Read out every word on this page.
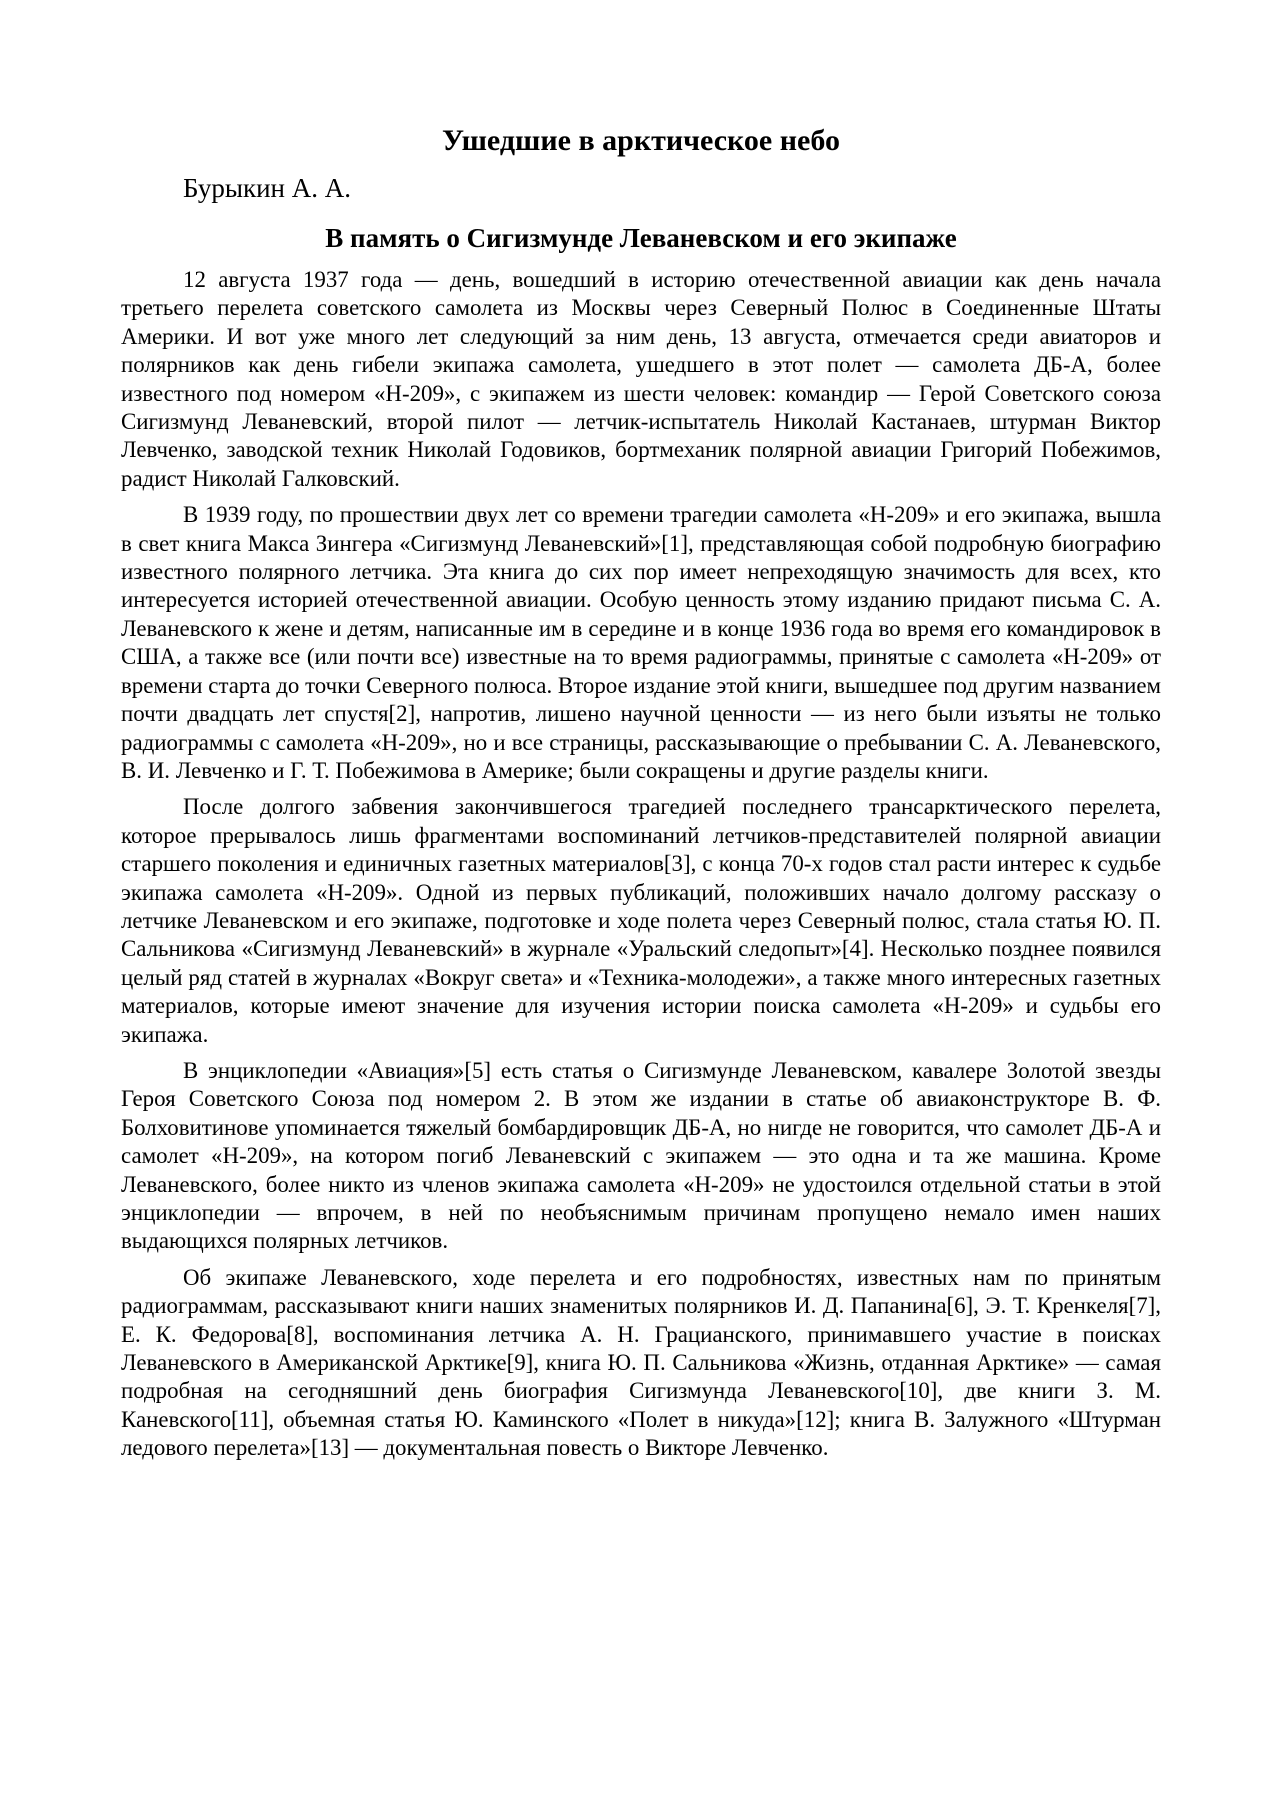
Ушедшие в арктическое небо
Бурыкин А. А.
В память о Сигизмунде Леваневском и его экипаже

12 августа 1937 года — день, вошедший в историю отечественной авиации как день начала третьего перелета советского самолета из Москвы через Северный Полюс в Соединенные Штаты Америки. И вот уже много лет следующий за ним день, 13 августа, отмечается среди авиаторов и полярников как день гибели экипажа самолета, ушедшего в этот полет — самолета ДБ-А, более известного под номером «Н-209», с экипажем из шести человек: командир — Герой Советского союза Сигизмунд Леваневский, второй пилот — летчик-испытатель Николай Кастанаев, штурман Виктор Левченко, заводской техник Николай Годовиков, бортмеханик полярной авиации Григорий Побежимов, радист Николай Галковский.

В 1939 году, по прошествии двух лет со времени трагедии самолета «Н-209» и его экипажа, вышла в свет книга Макса Зингера «Сигизмунд Леваневский»[1], представляющая собой подробную биографию известного полярного летчика. Эта книга до сих пор имеет непреходящую значимость для всех, кто интересуется историей отечественной авиации. Особую ценность этому изданию придают письма С. А. Леваневского к жене и детям, написанные им в середине и в конце 1936 года во время его командировок в США, а также все (или почти все) известные на то время радиограммы, принятые с самолета «Н-209» от времени старта до точки Северного полюса. Второе издание этой книги, вышедшее под другим названием почти двадцать лет спустя[2], напротив, лишено научной ценности — из него были изъяты не только радиограммы с самолета «Н-209», но и все страницы, рассказывающие о пребывании С. А. Леваневского, В. И. Левченко и Г. Т. Побежимова в Америке; были сокращены и другие разделы книги.

После долгого забвения закончившегося трагедией последнего трансарктического перелета, которое прерывалось лишь фрагментами воспоминаний летчиков-представителей полярной авиации старшего поколения и единичных газетных материалов[3], с конца 70-х годов стал расти интерес к судьбе экипажа самолета «Н-209». Одной из первых публикаций, положивших начало долгому рассказу о летчике Леваневском и его экипаже, подготовке и ходе полета через Северный полюс, стала статья Ю. П. Сальникова «Сигизмунд Леваневский» в журнале «Уральский следопыт»[4]. Несколько позднее появился целый ряд статей в журналах «Вокруг света» и «Техника-молодежи», а также много интересных газетных материалов, которые имеют значение для изучения истории поиска самолета «Н-209» и судьбы его экипажа.

В энциклопедии «Авиация»[5] есть статья о Сигизмунде Леваневском, кавалере Золотой звезды Героя Советского Союза под номером 2. В этом же издании в статье об авиаконструкторе В. Ф. Болховитинове упоминается тяжелый бомбардировщик ДБ-А, но нигде не говорится, что самолет ДБ-А и самолет «Н-209», на котором погиб Леваневский с экипажем — это одна и та же машина. Кроме Леваневского, более никто из членов экипажа самолета «Н-209» не удостоился отдельной статьи в этой энциклопедии — впрочем, в ней по необъяснимым причинам пропущено немало имен наших выдающихся полярных летчиков.

Об экипаже Леваневского, ходе перелета и его подробностях, известных нам по принятым радиограммам, рассказывают книги наших знаменитых полярников И. Д. Папанина[6], Э. Т. Кренкеля[7], Е. К. Федорова[8], воспоминания летчика А. Н. Грацианского, принимавшего участие в поисках Леваневского в Американской Арктике[9], книга Ю. П. Сальникова «Жизнь, отданная Арктике» — самая подробная на сегодняшний день биография Сигизмунда Леваневского[10], две книги З. М. Каневского[11], объемная статья Ю. Каминского «Полет в никуда»[12]; книга В. Залужного «Штурман ледового перелета»[13] — документальная повесть о Викторе Левченко.
